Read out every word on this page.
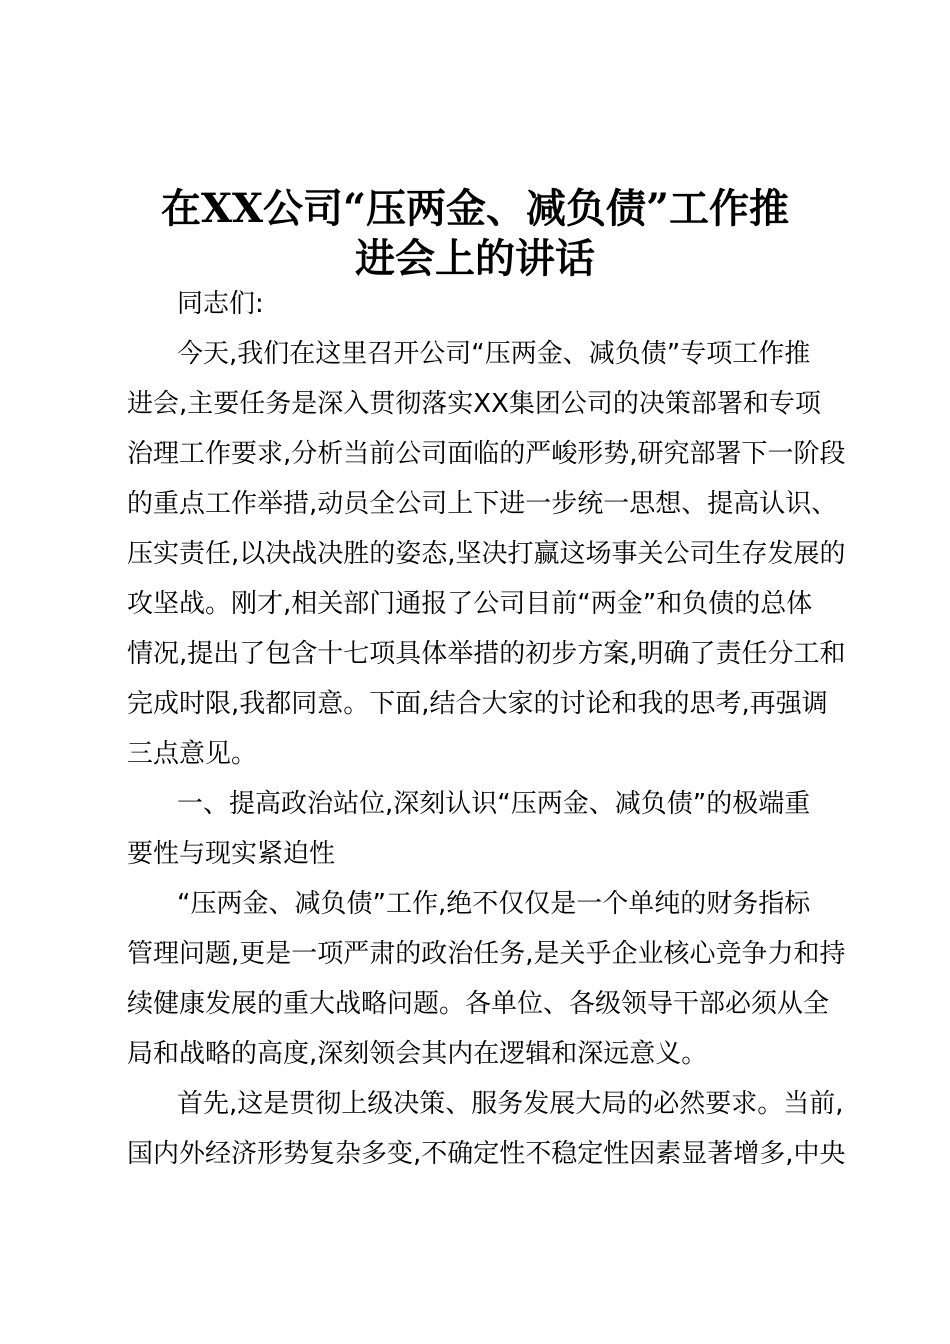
在XX公司“压两金、减负债”工作推
进会上的讲话
同志们:
今天,我们在这里召开公司“压两金、减负债”专项工作推
进会,主要任务是深入贯彻落实XX集团公司的决策部署和专项
治理工作要求,分析当前公司面临的严峻形势,研究部署下一阶段
的重点工作举措,动员全公司上下进一步统一思想、提高认识、
压实责任,以决战决胜的姿态,坚决打赢这场事关公司生存发展的
攻坚战。刚才,相关部门通报了公司目前“两金”和负债的总体
情况,提出了包含十七项具体举措的初步方案,明确了责任分工和
完成时限,我都同意。下面,结合大家的讨论和我的思考,再强调
三点意见。
一、提高政治站位,深刻认识“压两金、减负债”的极端重
要性与现实紧迫性
“压两金、减负债”工作,绝不仅仅是一个单纯的财务指标
管理问题,更是一项严肃的政治任务,是关乎企业核心竞争力和持
续健康发展的重大战略问题。各单位、各级领导干部必须从全
局和战略的高度,深刻领会其内在逻辑和深远意义。
首先,这是贯彻上级决策、服务发展大局的必然要求。当前,
国内外经济形势复杂多变,不确定性不稳定性因素显著增多,中央
